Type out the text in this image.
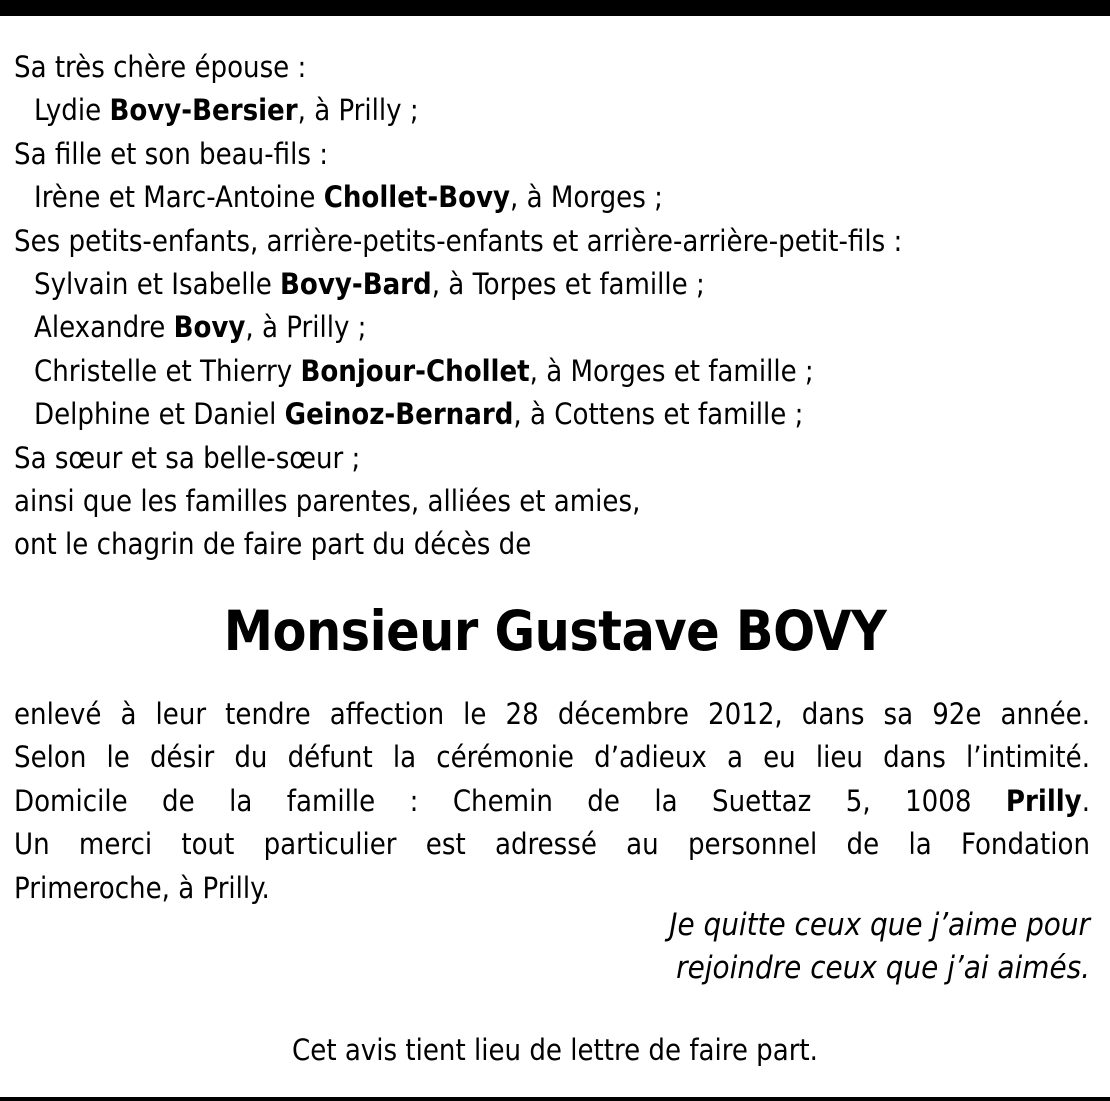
Sa très chère épouse :
Lydie Bovy-Bersier, à Prilly ;
Sa fille et son beau-fils :
Irène et Marc-Antoine Chollet-Bovy, à Morges ;
Ses petits-enfants, arrière-petits-enfants et arrière-arrière-petit-fils :
Sylvain et Isabelle Bovy-Bard, à Torpes et famille ;
Alexandre Bovy, à Prilly ;
Christelle et Thierry Bonjour-Chollet, à Morges et famille ;
Delphine et Daniel Geinoz-Bernard, à Cottens et famille ;
Sa sœur et sa belle-sœur ;
ainsi que les familles parentes, alliées et amies,
ont le chagrin de faire part du décès de
Monsieur Gustave BOVY
enlevé à leur tendre affection le 28 décembre 2012, dans sa 92e année.
Selon le désir du défunt la cérémonie d’adieux a eu lieu dans l’intimité.
Domicile de la famille : Chemin de la Suettaz 5, 1008 Prilly.
Un merci tout particulier est adressé au personnel de la Fondation
Primeroche, à Prilly.
Je quitte ceux que j’aime pour
rejoindre ceux que j’ai aimés.
Cet avis tient lieu de lettre de faire part.
